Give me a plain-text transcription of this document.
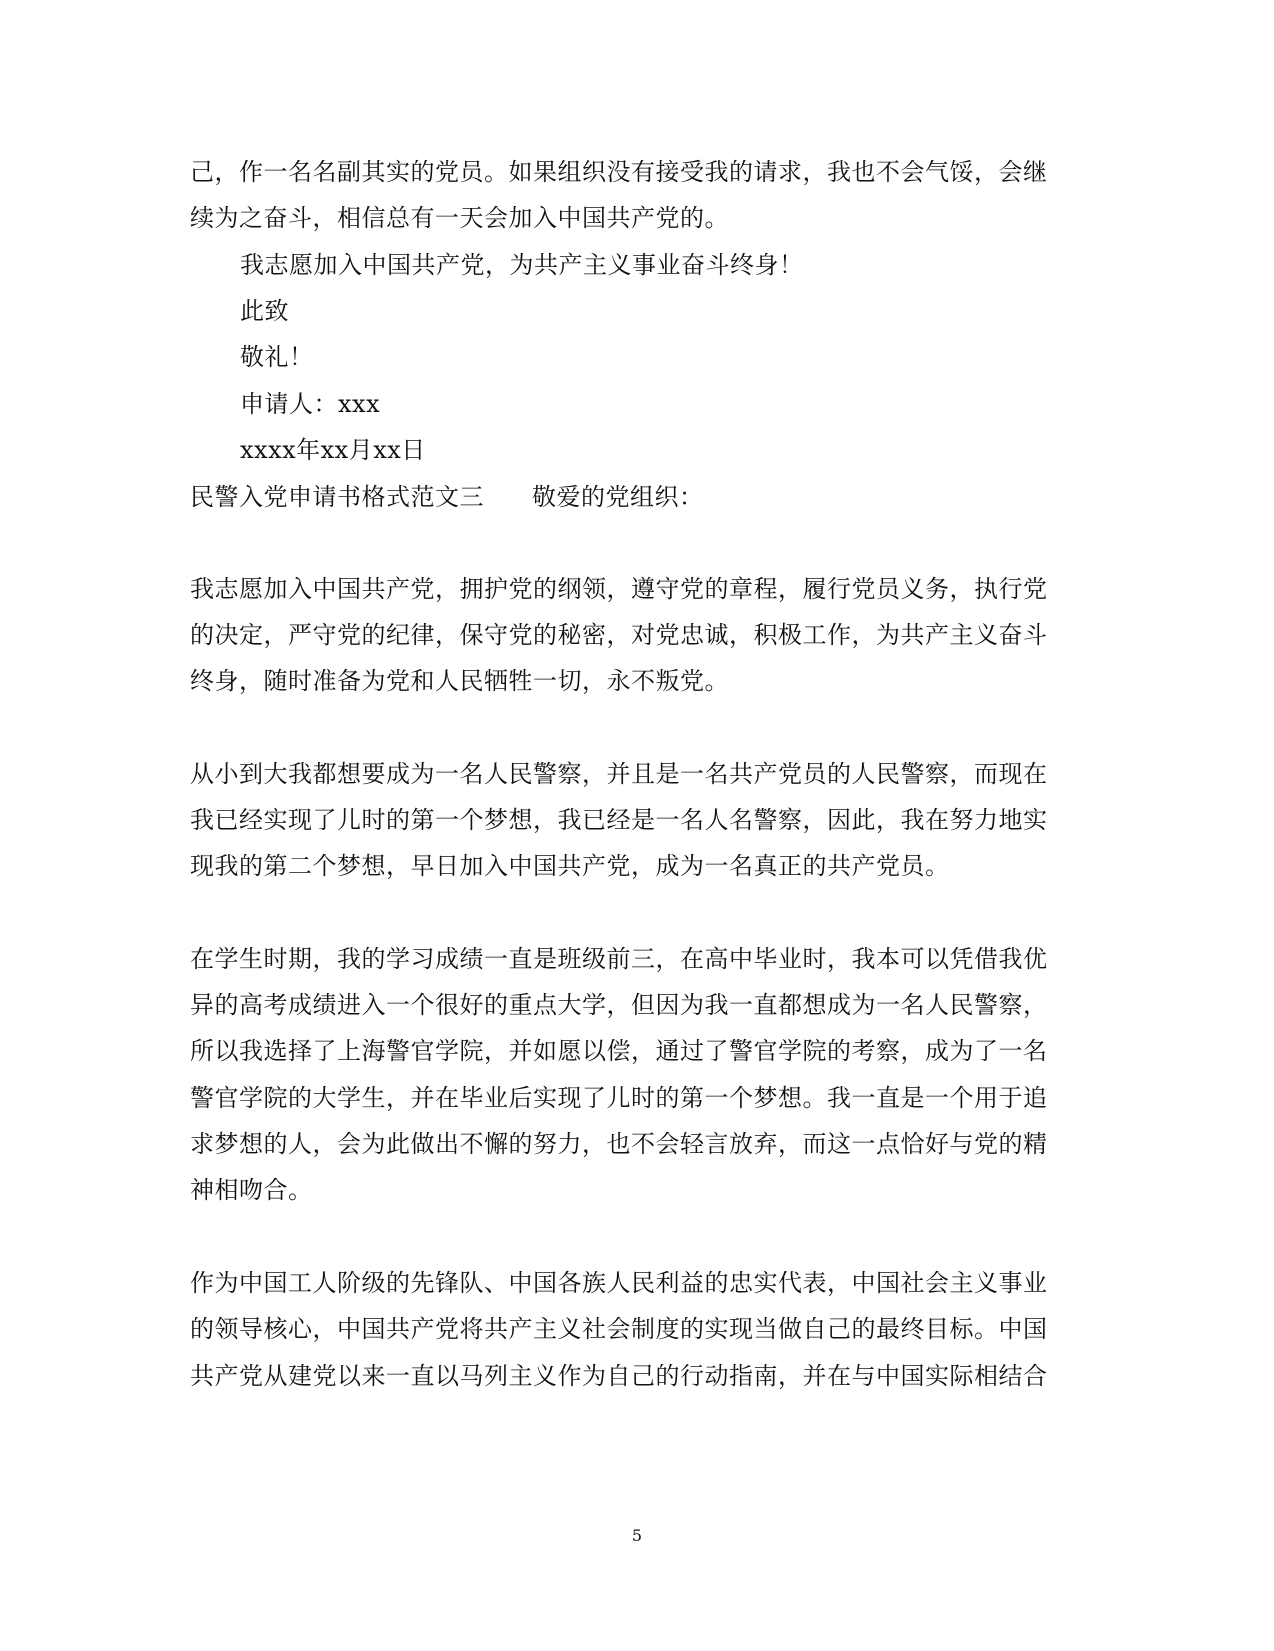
己，作一名名副其实的党员。如果组织没有接受我的请求，我也不会气馁，会继
续为之奋斗，相信总有一天会加入中国共产党的。
我志愿加入中国共产党，为共产主义事业奋斗终身！
此致
敬礼！
申请人：xxx
xxxx年xx月xx日
民警入党申请书格式范文三 敬爱的党组织：
我志愿加入中国共产党，拥护党的纲领，遵守党的章程，履行党员义务，执行党
的决定，严守党的纪律，保守党的秘密，对党忠诚，积极工作，为共产主义奋斗
终身，随时准备为党和人民牺牲一切，永不叛党。
从小到大我都想要成为一名人民警察，并且是一名共产党员的人民警察，而现在
我已经实现了儿时的第一个梦想，我已经是一名人名警察，因此，我在努力地实
现我的第二个梦想，早日加入中国共产党，成为一名真正的共产党员。
在学生时期，我的学习成绩一直是班级前三，在高中毕业时，我本可以凭借我优
异的高考成绩进入一个很好的重点大学，但因为我一直都想成为一名人民警察，
所以我选择了上海警官学院，并如愿以偿，通过了警官学院的考察，成为了一名
警官学院的大学生，并在毕业后实现了儿时的第一个梦想。我一直是一个用于追
求梦想的人，会为此做出不懈的努力，也不会轻言放弃，而这一点恰好与党的精
神相吻合。
作为中国工人阶级的先锋队、中国各族人民利益的忠实代表，中国社会主义事业
的领导核心，中国共产党将共产主义社会制度的实现当做自己的最终目标。中国
共产党从建党以来一直以马列主义作为自己的行动指南，并在与中国实际相结合
5
